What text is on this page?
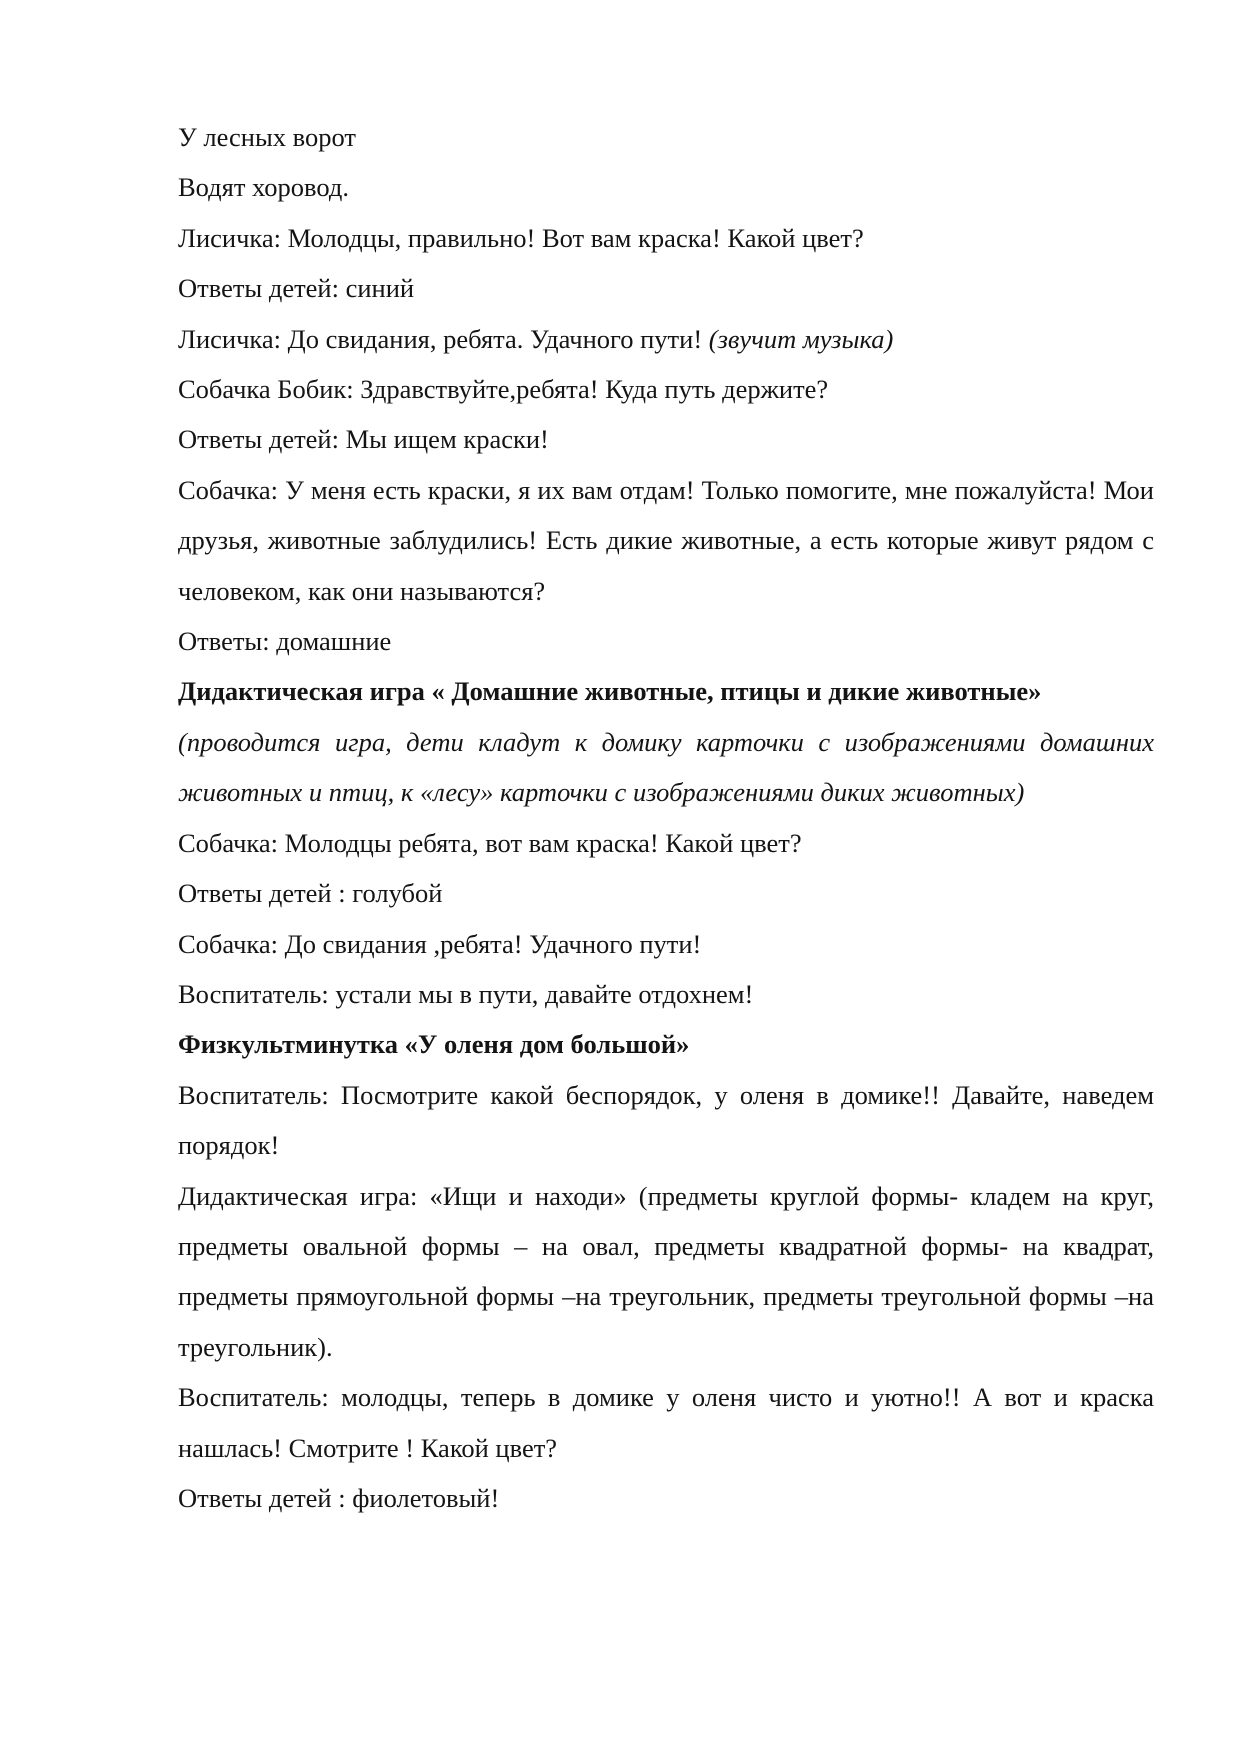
У лесных ворот

Водят хоровод.

Лисичка: Молодцы, правильно! Вот вам краска! Какой цвет?

Ответы детей: синий

Лисичка: До свидания, ребята. Удачного пути! (звучит музыка)

Собачка Бобик: Здравствуйте,ребята! Куда путь держите?

Ответы детей: Мы ищем краски!

Собачка: У меня есть краски, я их вам отдам! Только помогите, мне пожалуйста! Мои друзья, животные заблудились! Есть дикие животные, а есть которые живут рядом с человеком, как они называются?

Ответы: домашние

Дидактическая игра « Домашние животные, птицы и дикие животные»

(проводится игра, дети кладут к домику карточки с изображениями домашних животных и птиц, к «лесу» карточки с изображениями диких животных)

Собачка: Молодцы ребята, вот вам краска! Какой цвет?

Ответы детей : голубой

Собачка: До свидания ,ребята! Удачного пути!

Воспитатель: устали мы в пути, давайте отдохнем!

Физкультминутка «У оленя дом большой»

Воспитатель: Посмотрите какой беспорядок, у оленя в домике!! Давайте, наведем порядок!

Дидактическая игра: «Ищи и находи» (предметы круглой формы- кладем на круг, предметы овальной формы – на овал, предметы квадратной формы- на квадрат, предметы прямоугольной формы –на треугольник, предметы треугольной формы –на треугольник).

Воспитатель: молодцы, теперь в домике у оленя чисто и уютно!! А вот и краска нашлась! Смотрите ! Какой цвет?

Ответы детей : фиолетовый!
